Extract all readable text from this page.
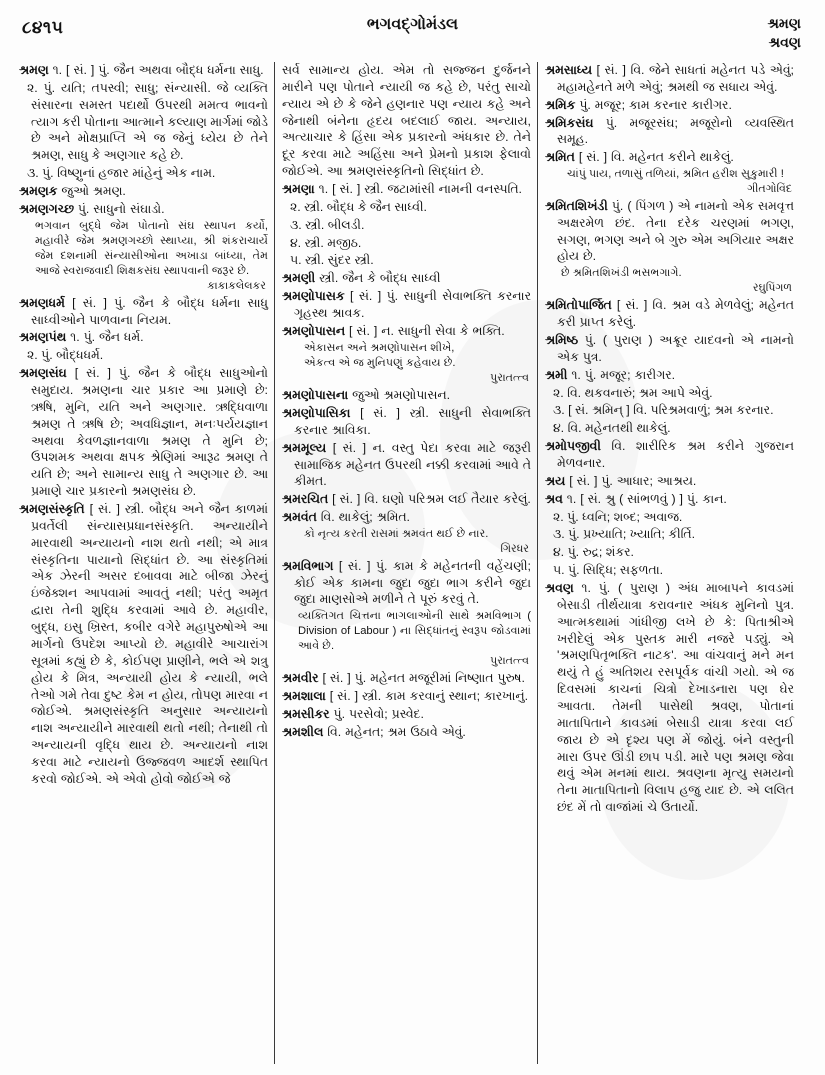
૮૪૧૫	ભગવદ્ગોમંડલ	શ્રમણ
શ્રવણ
શ્રમણ ૧. [ સં. ] પું. જૈન અથવા બૌદ્ધ ધર્મના સાધુ.
૨. પું. યતિ; તપસ્વી; સાધુ; સંન્યાસી. જે વ્યક્તિ સંસારના સમસ્ત પદાર્થો ઉપરથી મમત્વ ભાવનો ત્યાગ કરી પોતાના આત્માને કલ્યાણ માર્ગમાં જોડે છે અને મોક્ષપ્રાપ્તિ એ જ જેનું ધ્યેય છે તેને શ્રમણ, સાધુ કે અણગાર કહે છે.
૩. પું. વિષ્ણુનાં હજાર માંહેનું એક નામ.
શ્રમણક જુઓ શ્રમણ.
શ્રમણગચ્છ પું. સાધુનો સંઘાડો.
ભગવાન બુદ્ધે જેમ પોતાનો સંઘ સ્થાપન કર્યો, મહાવીરે જેમ શ્રમણગચ્છો સ્થાપ્યા, શ્રી શંકરાચાર્યે જેમ દશનામી સંન્યાસીઓના અખાડા બાંધ્યા, તેમ આજે સ્વરાજવાદી શિક્ષકસંઘ સ્થાપવાની જરૂર છે.
કાકાકલેલકર
શ્રમણધર્મ [ સં. ] પું. જૈન કે બૌદ્ધ ધર્મના સાધુ સાધ્વીઓને પાળવાના નિયમ.
શ્રમણપંથ ૧. પું. જૈન ધર્મ.
૨. પું. બૌદ્ધધર્મ.
શ્રમણસંઘ [ સં. ] પું. જૈન કે બૌદ્ધ સાધુઓનો સમુદાય. શ્રમણના ચાર પ્રકાર આ પ્રમાણે છે: ઋષિ, મુનિ, યતિ અને અણગાર. ઋદ્ધિવાળા શ્રમણ તે ઋષિ છે; અવધિજ્ઞાન, મનઃપર્યયજ્ઞાન અથવા કેવળજ્ઞાનવાળા શ્રમણ તે મુનિ છે; ઉપશમક અથવા ક્ષપક શ્રેણિમાં આરૂઢ શ્રમણ તે યતિ છે; અને સામાન્ય સાધુ તે અણગાર છે. આ પ્રમાણે ચાર પ્રકારનો શ્રમણસંઘ છે.
શ્રમણસંસ્કૃતિ [ સં. ] સ્ત્રી. બૌદ્ધ અને જૈન કાળમાં પ્રવર્તેલી સંન્યાસપ્રધાનસંસ્કૃતિ. અન્યાયીને મારવાથી અન્યાયનો નાશ થતો નથી; એ માત્ર સંસ્કૃતિના પાયાનો સિદ્ધાંત છે. આ સંસ્કૃતિમાં એક ઝેરની અસર દબાવવા માટે બીજા ઝેરનું ઇંજેક્શન આપવામાં આવતું નથી; પરંતુ અમૃત દ્વારા તેની શુદ્ધિ કરવામાં આવે છે. મહાવીર, બુદ્ધ, ઇસુ ખ્રિસ્ત, કબીર વગેરે મહાપુરુષોએ આ માર્ગનો ઉપદેશ આપ્યો છે. મહાવીરે આચારાંગ સૂત્રમાં કહ્યું છે કે, કોઈપણ પ્રાણીને, ભલે એ શત્રુ હોય કે મિત્ર, અન્યાયી હોય કે ન્યાયી, ભલે તેઓ ગમે તેવા દુષ્ટ કેમ ન હોય, તોપણ મારવા ન જોઈએ. શ્રમણસંસ્કૃતિ અનુસાર અન્યાયનો નાશ અન્યાયીને મારવાથી થતો નથી; તેનાથી તો અન્યાયની વૃદ્ધિ થાય છે. અન્યાયનો નાશ કરવા માટે ન્યાયનો ઉજ્જવળ આદર્શ સ્થાપિત કરવો જોઈએ. એ એવો હોવો જોઈએ જે
સર્વ સામાન્ય હોય. એમ તો સજ્જન દુર્જનને મારીને પણ પોતાને ન્યાયી જ કહે છે, પરંતુ સાચો ન્યાય એ છે કે જેને હણનાર પણ ન્યાય કહે અને જેનાથી બંનેના હૃદય બદલાઈ જાય. અન્યાય, અત્યાચાર કે હિંસા એક પ્રકારનો અંધકાર છે. તેને દૂર કરવા માટે અહિંસા અને પ્રેમનો પ્રકાશ ફેલાવો જોઈએ. આ શ્રમણસંસ્કૃતિનો સિદ્ધાંત છે.
શ્રમણા ૧. [ સં. ] સ્ત્રી. જટામાંસી નામની વનસ્પતિ.
૨. સ્ત્રી. બૌદ્ધ કે જૈન સાધ્વી.
૩. સ્ત્રી. બીલડી.
૪. સ્ત્રી. મજીઠ.
૫. સ્ત્રી. સુંદર સ્ત્રી.
શ્રમણી સ્ત્રી. જૈન કે બૌદ્ધ સાધ્વી
શ્રમણોપાસક [ સં. ] પું. સાધુની સેવાભક્તિ કરનાર ગૃહસ્થ શ્રાવક.
શ્રમણોપાસન [ સં. ] ન. સાધુની સેવા કે ભક્તિ.
એકાસન અને શ્રમણોપાસન શીખે,
એકત્વ એ જ મુનિપણું કહેવાય છે.
પુરાતત્ત્વ
શ્રમણોપાસના જુઓ શ્રમણોપાસન.
શ્રમણોપાસિકા [ સં. ] સ્ત્રી. સાધુની સેવાભક્તિ કરનાર શ્રાવિકા.
શ્રમમૂલ્ય [ સં. ] ન. વસ્તુ પેદા કરવા માટે જરૂરી સામાજિક મહેનત ઉપરથી નક્કી કરવામાં આવે તે કીમત.
શ્રમરચિત [ સં. ] વિ. ઘણો પરિશ્રમ લઈ તૈયાર કરેલું.
શ્રમવંત વિ. થાકેલું; શ્રમિત.
કો નૃત્ય કરતી રાસમાં શ્રમવંત થઈ છે નાર.
ગિરધર
શ્રમવિભાગ [ સં. ] પું. કામ કે મહેનતની વહેંચણી; કોઈ એક કામના જુદા જુદા ભાગ કરીને જુદા જુદા માણસોએ મળીને તે પૂરું કરવું તે.
વ્યક્તિગત ચિત્તના ભાગલાઓની સાથે શ્રમવિભાગ ( Division of Labour ) ના સિદ્ધાંતનું સ્વરૂપ જોડવામાં આવે છે.
પુરાતત્ત્વ
શ્રમવીર [ સં. ] પું. મહેનત મજૂરીમાં નિષ્ણાત પુરુષ.
શ્રમશાલા [ સં. ] સ્ત્રી. કામ કરવાનું સ્થાન; કારખાનું.
શ્રમસીકર પું. પરસેવો; પ્રસ્વેદ.
શ્રમશીલ વિ. મહેનત; શ્રમ ઉઠાવે એવું.
શ્રમસાધ્ય [ સં. ] વિ. જેને સાધતાં મહેનત પડે એવું; મહામહેનતે મળે એવું; શ્રમથી જ સધાય એવું.
શ્રમિક પું. મજૂર; કામ કરનાર કારીગર.
શ્રમિકસંઘ પું. મજૂરસંઘ; મજૂરોનો વ્યવસ્થિત સમૂહ.
શ્રમિત [ સં. ] વિ. મહેનત કરીને થાકેલું.
ચાંપું પાય, તળાસું તળિયાં, શ્રમિત હરીશ સુકુમારી !
ગીતગોવિંદ
શ્રમિતશિખંડી પું. ( પિંગળ ) એ નામનો એક સમવૃત્ત અક્ષરમેળ છંદ. તેના દરેક ચરણમાં ભગણ, સગણ, ભગણ અને બે ગુરુ એમ અગિયાર અક્ષર હોય છે.
છે શ્રમિતશિખંડી ભસભગાગે.
રઘુપિંગળ
શ્રમિતોપાર્જિત [ સં. ] વિ. શ્રમ વડે મેળવેલું; મહેનત કરી પ્રાપ્ત કરેલું.
શ્રમિષ્ઠ પું. ( પુરાણ ) અક્રૂર યાદવનો એ નામનો એક પુત્ર.
શ્રમી ૧. પું. મજૂર; કારીગર.
૨. વિ. થકવનારું; શ્રમ આપે એવું.
૩. [ સં. શ્રમિન્ ] વિ. પરિશ્રમવાળું; શ્રમ કરનાર.
૪. વિ. મહેનતથી થાકેલું.
શ્રમોપજીવી વિ. શારીરિક શ્રમ કરીને ગુજરાન મેળવનાર.
શ્રય [ સં. ] પું. આધાર; આશ્રય.
શ્રવ ૧. [ સં. શ્રુ ( સાંભળવું ) ] પું. કાન.
૨. પું. ધ્વનિ; શબ્દ; અવાજ.
૩. પું. પ્રખ્યાતિ; ખ્યાતિ; કીર્તિ.
૪. પું. રુદ્ર; શંકર.
૫. પું. સિદ્ધિ; સફળતા.
શ્રવણ ૧. પું. ( પુરાણ ) અંધ માબાપને કાવડમાં બેસાડી તીર્થયાત્રા કરાવનાર અંધક મુનિનો પુત્ર. આત્મકથામાં ગાંધીજી લખે છે કે: પિતાશ્રીએ ખરીદેલું એક પુસ્તક મારી નજરે પડ્યું. એ 'શ્રમણપિતૃભક્તિ નાટક'. આ વાંચવાનું મને મન થયું તે હું અતિશય રસપૂર્વક વાંચી ગયો. એ જ દિવસમાં કાચનાં ચિત્રો દેખાડનારા પણ ઘેર આવતા. તેમની પાસેથી શ્રવણ, પોતાનાં માતાપિતાને કાવડમાં બેસાડી યાત્રા કરવા લઈ જાય છે એ દૃશ્ય પણ મેં જોયું. બંને વસ્તુની મારા ઉપર ઊંડી છાપ પડી. મારે પણ શ્રમણ જેવા થવું એમ મનમાં થાય. શ્રવણના મૃત્યુ સમયનો તેના માતાપિતાનો વિલાપ હજુ યાદ છે. એ લલિત છંદ મેં તો વાજાંમાં ચે ઉતાર્યો.
